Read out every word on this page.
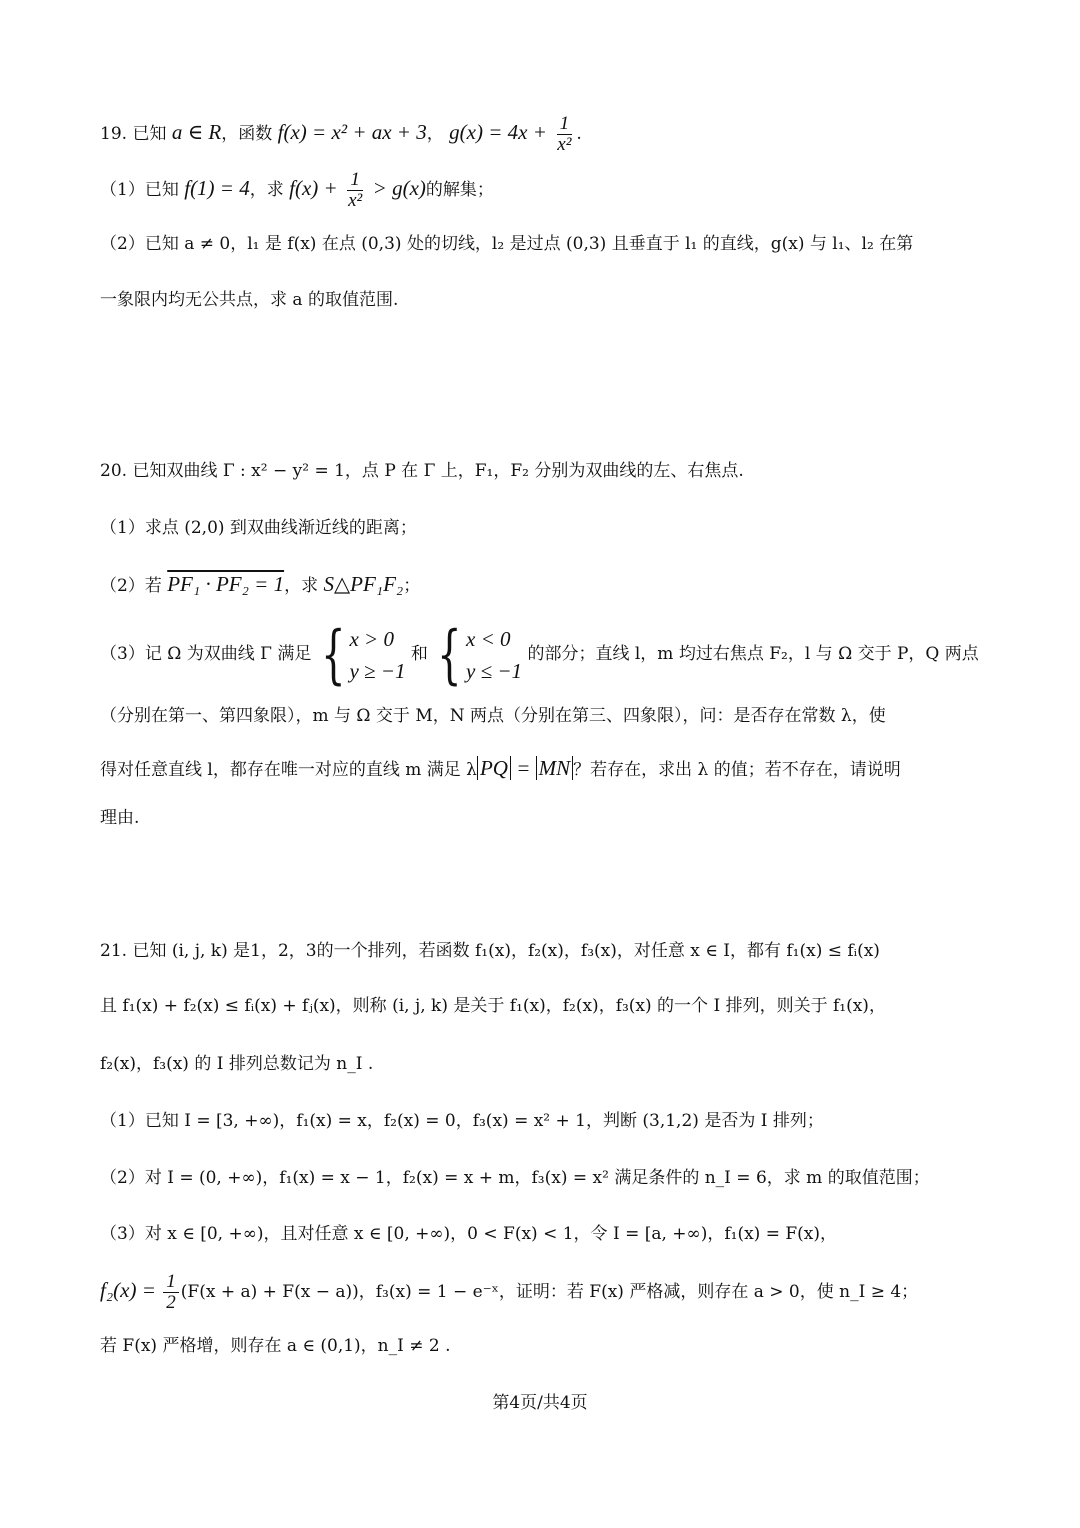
19. 已知 a ∈ R，函数 f(x) = x² + ax + 3， $g(x) = 4x + \frac{1}{\text{x²}}$ .
（1）已知 f(1) = 4，求 $f(x) + \frac{1}{\text{x²}} > g(x)$的解集；
（2）已知 a ≠ 0，l₁ 是 f(x) 在点 (0,3) 处的切线，l₂ 是过点 (0,3) 且垂直于 l₁ 的直线，g(x) 与 l₁、l₂ 在第
一象限内均无公共点，求 a 的取值范围.
20. 已知双曲线 Γ : x² − y² = 1，点 P 在 Γ 上，F₁，F₂ 分别为双曲线的左、右焦点.
（1）求点 (2,0) 到双曲线渐近线的距离；
（2）若 PF₁ · PF₂ = 1，求 S△PF₁F₂；
（3）记 Ω 为双曲线 Γ 满足 { x > 0
y ≥ −1
和 { x < 0
y ≤ −1
的部分；直线 l，m 均过右焦点 F₂，l 与 Ω 交于 P，Q 两点
（分别在第一、第四象限），m 与 Ω 交于 M，N 两点（分别在第三、四象限），问：是否存在常数 λ，使
得对任意直线 l，都存在唯一对应的直线 m 满足 λ PQ = MN ？若存在，求出 λ 的值；若不存在，请说明
理由.
21. 已知 (i, j, k) 是1，2，3的一个排列，若函数 f₁(x)，f₂(x)，f₃(x)，对任意 x ∈ I，都有 f₁(x) ≤ fᵢ(x)
且 f₁(x) + f₂(x) ≤ fᵢ(x) + fⱼ(x)，则称 (i, j, k) 是关于 f₁(x)，f₂(x)，f₃(x) 的一个 I 排列，则关于 f₁(x)，
f₂(x)，f₃(x) 的 I 排列总数记为 n_I .
（1）已知 I = [3, +∞)，f₁(x) = x，f₂(x) = 0，f₃(x) = x² + 1，判断 (3,1,2) 是否为 I 排列；
（2）对 I = (0, +∞)，f₁(x) = x − 1，f₂(x) = x + m，f₃(x) = x² 满足条件的 n_I = 6，求 m 的取值范围；
（3）对 x ∈ [0, +∞)，且对任意 x ∈ [0, +∞)，0 < F(x) < 1，令 I = [a, +∞)，f₁(x) = F(x)，
$f_2(x) = \frac{1}{2} (F(x + a) + F(x - a))$，f₃(x) = 1 − e⁻ˣ，证明：若 F(x) 严格减，则存在 a > 0，使 n_I ≥ 4；
若 F(x) 严格增，则存在 a ∈ (0,1)，n_I ≠ 2 .
第4页/共4页
